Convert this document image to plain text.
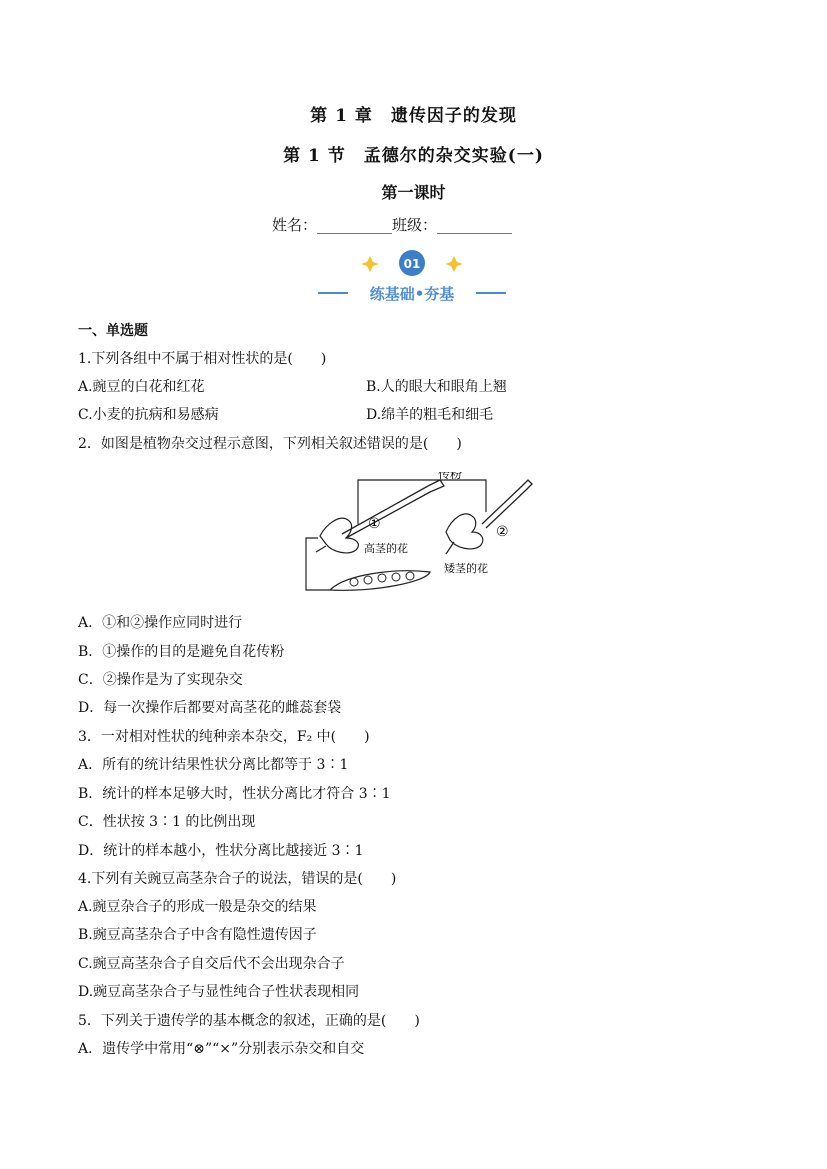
第 1 章　遗传因子的发现
第 1 节　孟德尔的杂交实验(一)
第一课时
姓名：__________班级：__________
01
练基础•夯基
一、单选题
1.下列各组中不属于相对性状的是(　　)
A.豌豆的白花和红花	B.人的眼大和眼角上翘
C.小麦的抗病和易感病	D.绵羊的粗毛和细毛
2．如图是植物杂交过程示意图，下列相关叙述错误的是(　　)
传粉
①
高茎的花
②
矮茎的花
A．①和②操作应同时进行
B．①操作的目的是避免自花传粉
C．②操作是为了实现杂交
D．每一次操作后都要对高茎花的雌蕊套袋
3．一对相对性状的纯种亲本杂交，F₂ 中(　　)
A．所有的统计结果性状分离比都等于 3∶1
B．统计的样本足够大时，性状分离比才符合 3∶1
C．性状按 3∶1 的比例出现
D．统计的样本越小，性状分离比越接近 3∶1
4.下列有关豌豆高茎杂合子的说法，错误的是(　　)
A.豌豆杂合子的形成一般是杂交的结果
B.豌豆高茎杂合子中含有隐性遗传因子
C.豌豆高茎杂合子自交后代不会出现杂合子
D.豌豆高茎杂合子与显性纯合子性状表现相同
5．下列关于遗传学的基本概念的叙述，正确的是(　　)
A．遗传学中常用“⊗”“×”分别表示杂交和自交
